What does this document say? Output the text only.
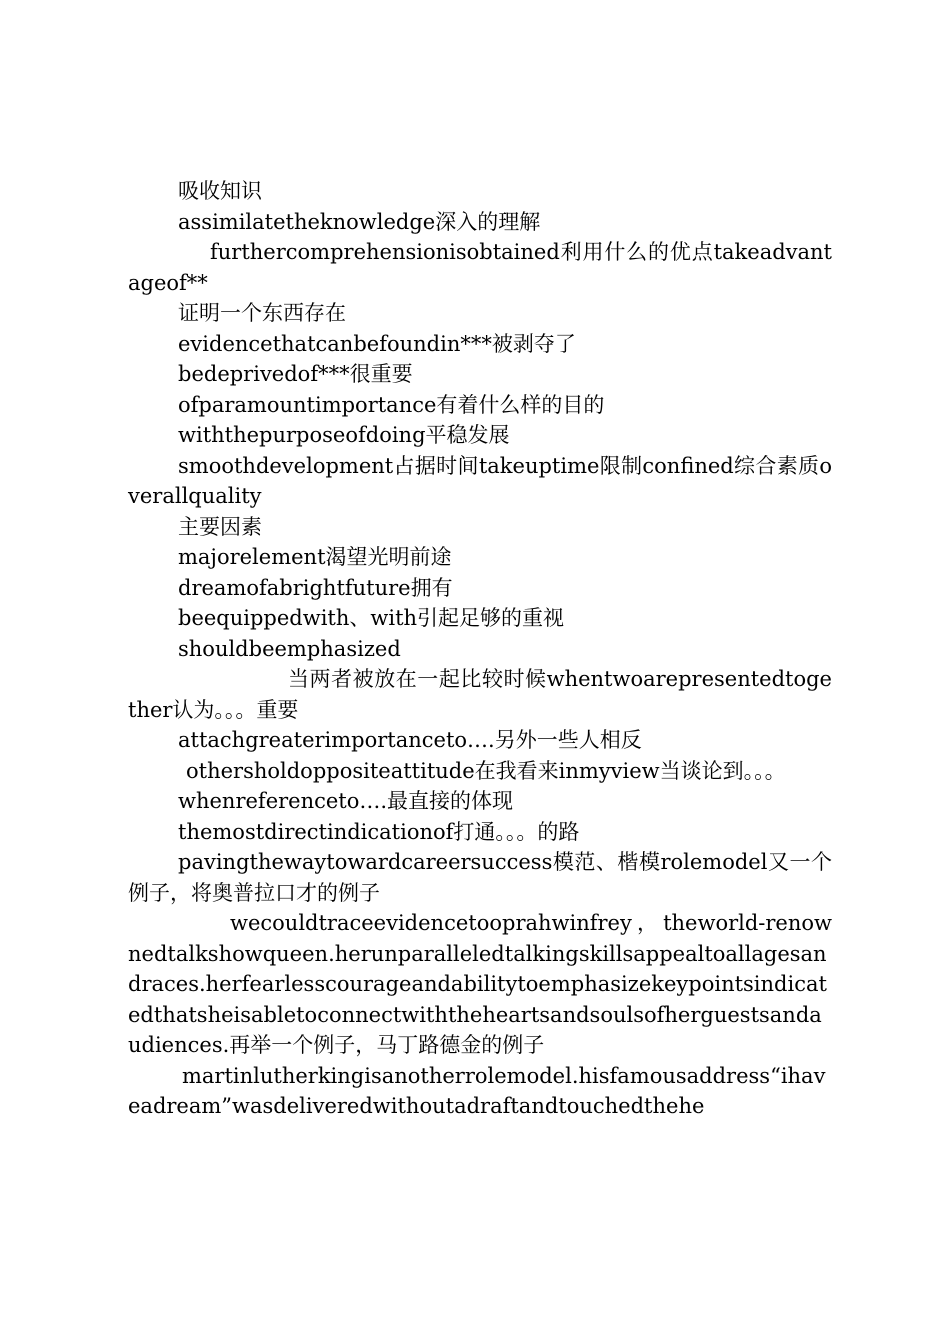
吸收知识

assimilatetheknowledge深入的理解

furthercomprehensionisobtained利用什么的优点takeadvantageof**

证明一个东西存在

evidencethatcanbefoundin***被剥夺了

bedeprivedof***很重要

ofparamountimportance有着什么样的目的

withthepurposeofdoing平稳发展

smoothdevelopment占据时间takeuptime限制confined综合素质overallquality

主要因素

majorelement渴望光明前途

dreamofabrightfuture拥有

beequippedwith、with引起足够的重视

shouldbeemphasized

当两者被放在一起比较时候whentwoarepresentedtogether认为。。。重要

attachgreaterimportanceto….另外一些人相反

othersholdoppositeattitude在我看来inmyview当谈论到。。。

whenreferenceto….最直接的体现

themostdirectindicationof打通。。。的路

pavingthewaytowardcareersuccess模范、楷模rolemodel又一个例子，将奥普拉口才的例子

wecouldtraceevidencetooprahwinfrey，theworld-renownedtalkshowqueen.herunparalleledtalkingskillsappealtoallagesandraces.herfearlesscourageandabilitytoemphasizekeypointsindicatedthatsheisabletoconnectwiththeheartsandsoulsofherguestsandaudiences.再举一个例子，马丁路德金的例子

martinlutherkingisanotherrolemodel.hisfamousaddress“ihaveadream”wasdeliveredwithoutadraftandtouchedthehe
